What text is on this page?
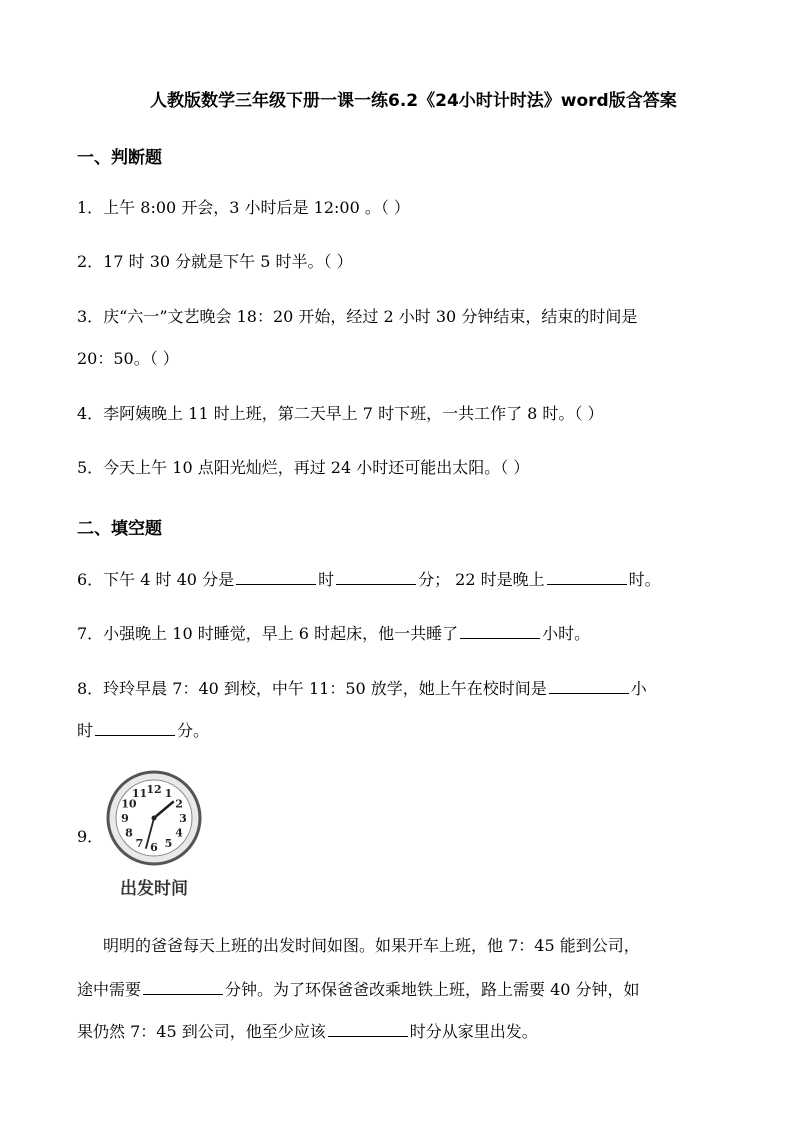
人教版数学三年级下册一课一练6.2《24小时计时法》word版含答案
一、判断题
1．上午 8:00 开会，3 小时后是 12:00 。（ ）
2．17 时 30 分就是下午 5 时半。（ ）
3．庆“六一”文艺晚会 18：20 开始，经过 2 小时 30 分钟结束，结束的时间是
20：50。（ ）
4．李阿姨晚上 11 时上班，第二天早上 7 时下班，一共工作了 8 时。（ ）
5．今天上午 10 点阳光灿烂，再过 24 小时还可能出太阳。（ ）
二、填空题
6．下午 4 时 40 分是	时	分； 22 时是晚上	时。
7．小强晚上 10 时睡觉，早上 6 时起床，他一共睡了	小时。
8．玲玲早晨 7：40 到校，中午 11：50 放学，她上午在校时间是	小
时	分。
9．
12 1
2
3
4
5
6
7
8
9
10
11
出发时间
明明的爸爸每天上班的出发时间如图。如果开车上班，他 7：45 能到公司，
途中需要	分钟。为了环保爸爸改乘地铁上班，路上需要 40 分钟，如
果仍然 7：45 到公司，他至少应该	时分从家里出发。
